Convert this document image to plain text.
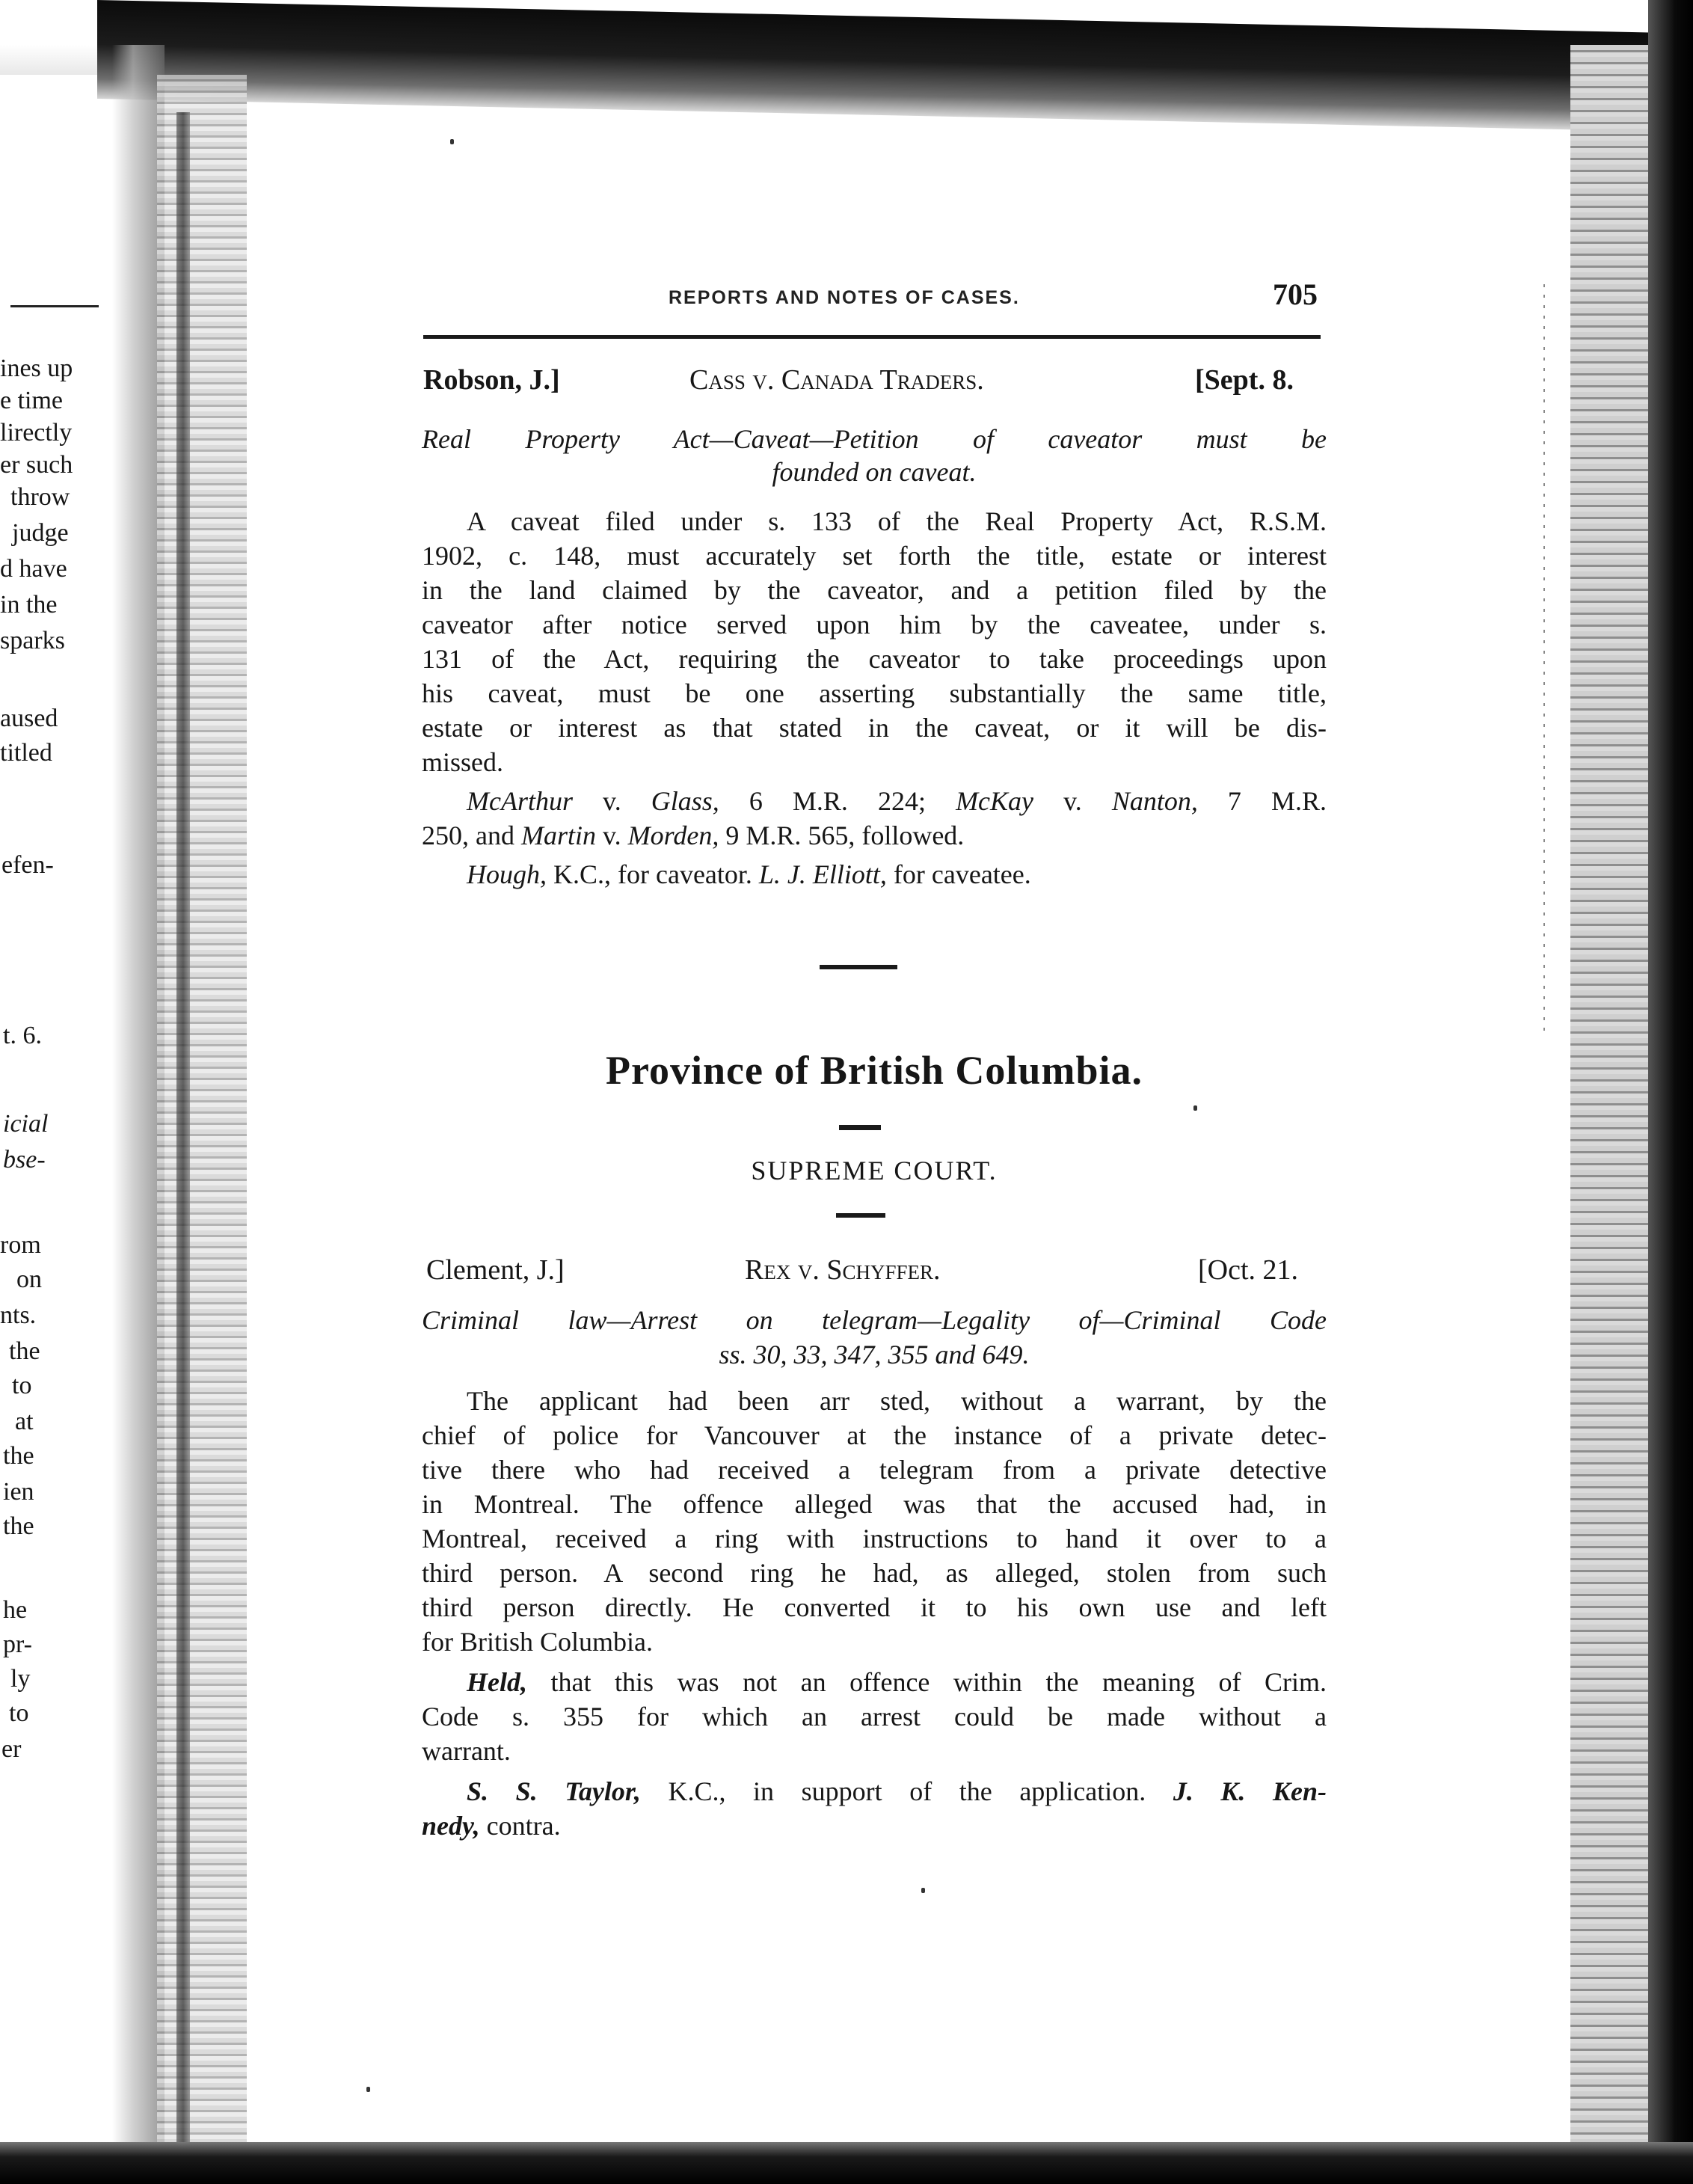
ines up
e time
lirectly
er such
throw
judge
d have
in the
sparks
aused
titled
efen-
t. 6.
icial
bse-
rom
on
nts.
the
to
at
the
ien
the
he
pr-
ly
to
er
REPORTS AND NOTES OF CASES.	705
Robson, J.]	Cass v. Canada Traders.	[Sept. 8.
Real Property Act—Caveat—Petition of caveator must be
founded on caveat.
A caveat filed under s. 133 of the Real Property Act, R.S.M.
1902, c. 148, must accurately set forth the title, estate or interest
in the land claimed by the caveator, and a petition filed by the
caveator after notice served upon him by the caveatee, under s.
131 of the Act, requiring the caveator to take proceedings upon
his caveat, must be one asserting substantially the same title,
estate or interest as that stated in the caveat, or it will be dis-
missed.
McArthur v. Glass, 6 M.R. 224; McKay v. Nanton, 7 M.R.
250, and Martin v. Morden, 9 M.R. 565, followed.
Hough, K.C., for caveator. L. J. Elliott, for caveatee.
Province of British Columbia.
SUPREME COURT.
Clement, J.]	Rex v. Schyffer.	[Oct. 21.
Criminal law—Arrest on telegram—Legality of—Criminal Code
ss. 30, 33, 347, 355 and 649.
The applicant had been arr sted, without a warrant, by the
chief of police for Vancouver at the instance of a private detec-
tive there who had received a telegram from a private detective
in Montreal. The offence alleged was that the accused had, in
Montreal, received a ring with instructions to hand it over to a
third person. A second ring he had, as alleged, stolen from such
third person directly. He converted it to his own use and left
for British Columbia.
Held, that this was not an offence within the meaning of Crim.
Code s. 355 for which an arrest could be made without a
warrant.
S. S. Taylor, K.C., in support of the application. J. K. Ken-
nedy, contra.
